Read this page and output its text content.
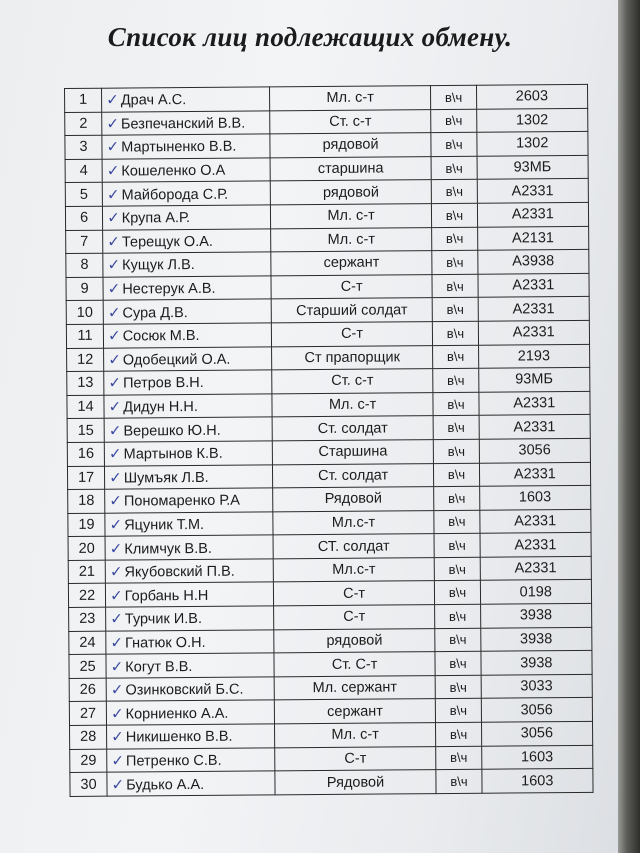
Список лиц подлежащих обмену.
1	✓ Драч А.С.	Мл. с-т	в\ч	2603
2	✓ Безпечанский В.В.	Ст. с-т	в\ч	1302
3	✓ Мартыненко В.В.	рядовой	в\ч	1302
4	✓ Кошеленко О.А	старшина	в\ч	93МБ
5	✓ Майборода С.Р.	рядовой	в\ч	А2331
6	✓ Крупа А.Р.	Мл. с-т	в\ч	А2331
7	✓ Терещук О.А.	Мл. с-т	в\ч	А2131
8	✓ Кущук Л.В.	сержант	в\ч	А3938
9	✓ Нестерук А.В.	С-т	в\ч	А2331
10	✓ Сура Д.В.	Старший солдат	в\ч	А2331
11	✓ Сосюк М.В.	С-т	в\ч	А2331
12	✓ Одобецкий О.А.	Ст прапорщик	в\ч	2193
13	✓ Петров В.Н.	Ст. с-т	в\ч	93МБ
14	✓ Дидун Н.Н.	Мл. с-т	в\ч	А2331
15	✓ Верешко Ю.Н.	Ст. солдат	в\ч	А2331
16	✓ Мартынов К.В.	Старшина	в\ч	3056
17	✓ Шумъяк Л.В.	Ст. солдат	в\ч	А2331
18	✓ Пономаренко Р.А	Рядовой	в\ч	1603
19	✓ Яцуник Т.М.	Мл.с-т	в\ч	А2331
20	✓ Климчук В.В.	СТ. солдат	в\ч	А2331
21	✓ Якубовский П.В.	Мл.с-т	в\ч	А2331
22	✓ Горбань Н.Н	С-т	в\ч	0198
23	✓ Турчик И.В.	С-т	в\ч	3938
24	✓ Гнатюк О.Н.	рядовой	в\ч	3938
25	✓ Когут В.В.	Ст. С-т	в\ч	3938
26	✓ Озинковский Б.С.	Мл. сержант	в\ч	3033
27	✓ Корниенко А.А.	сержант	в\ч	3056
28	✓ Никишенко В.В.	Мл. с-т	в\ч	3056
29	✓ Петренко С.В.	С-т	в\ч	1603
30	✓ Будько А.А.	Рядовой	в\ч	1603
